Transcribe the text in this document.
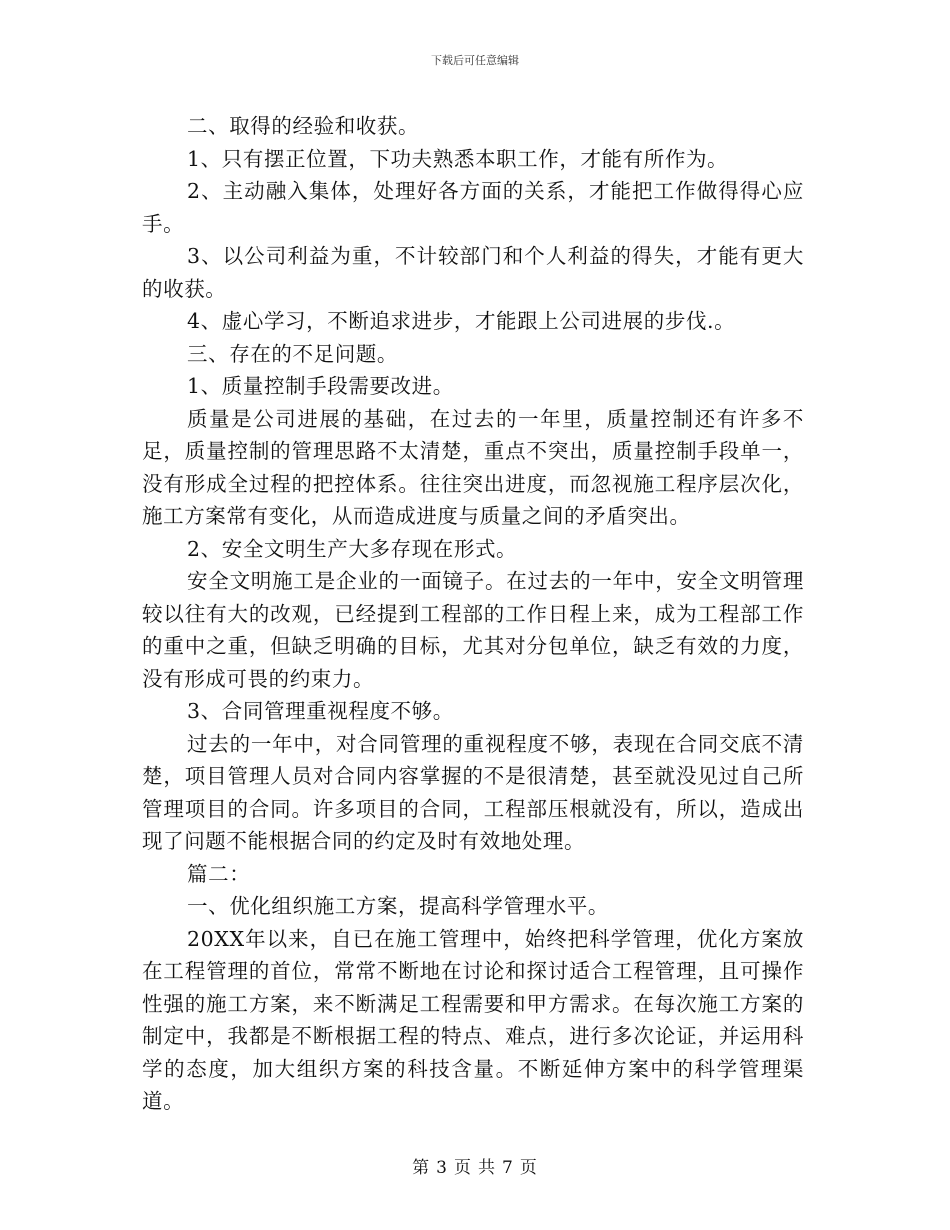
下载后可任意编辑

二、取得的经验和收获。

1、只有摆正位置，下功夫熟悉本职工作，才能有所作为。

2、主动融入集体，处理好各方面的关系，才能把工作做得得心应手。

3、以公司利益为重，不计较部门和个人利益的得失，才能有更大的收获。

4、虚心学习，不断追求进步，才能跟上公司进展的步伐.。

三、存在的不足问题。

1、质量控制手段需要改进。

质量是公司进展的基础，在过去的一年里，质量控制还有许多不足，质量控制的管理思路不太清楚，重点不突出，质量控制手段单一，没有形成全过程的把控体系。往往突出进度，而忽视施工程序层次化，施工方案常有变化，从而造成进度与质量之间的矛盾突出。

2、安全文明生产大多存现在形式。

安全文明施工是企业的一面镜子。在过去的一年中，安全文明管理较以往有大的改观，已经提到工程部的工作日程上来，成为工程部工作的重中之重，但缺乏明确的目标，尤其对分包单位，缺乏有效的力度，没有形成可畏的约束力。

3、合同管理重视程度不够。

过去的一年中，对合同管理的重视程度不够，表现在合同交底不清楚，项目管理人员对合同内容掌握的不是很清楚，甚至就没见过自己所管理项目的合同。许多项目的合同，工程部压根就没有，所以，造成出现了问题不能根据合同的约定及时有效地处理。

篇二：

一、优化组织施工方案，提高科学管理水平。

20XX年以来，自已在施工管理中，始终把科学管理，优化方案放在工程管理的首位，常常不断地在讨论和探讨适合工程管理，且可操作性强的施工方案，来不断满足工程需要和甲方需求。在每次施工方案的制定中，我都是不断根据工程的特点、难点，进行多次论证，并运用科学的态度，加大组织方案的科技含量。不断延伸方案中的科学管理渠道。

第 3 页 共 7 页
